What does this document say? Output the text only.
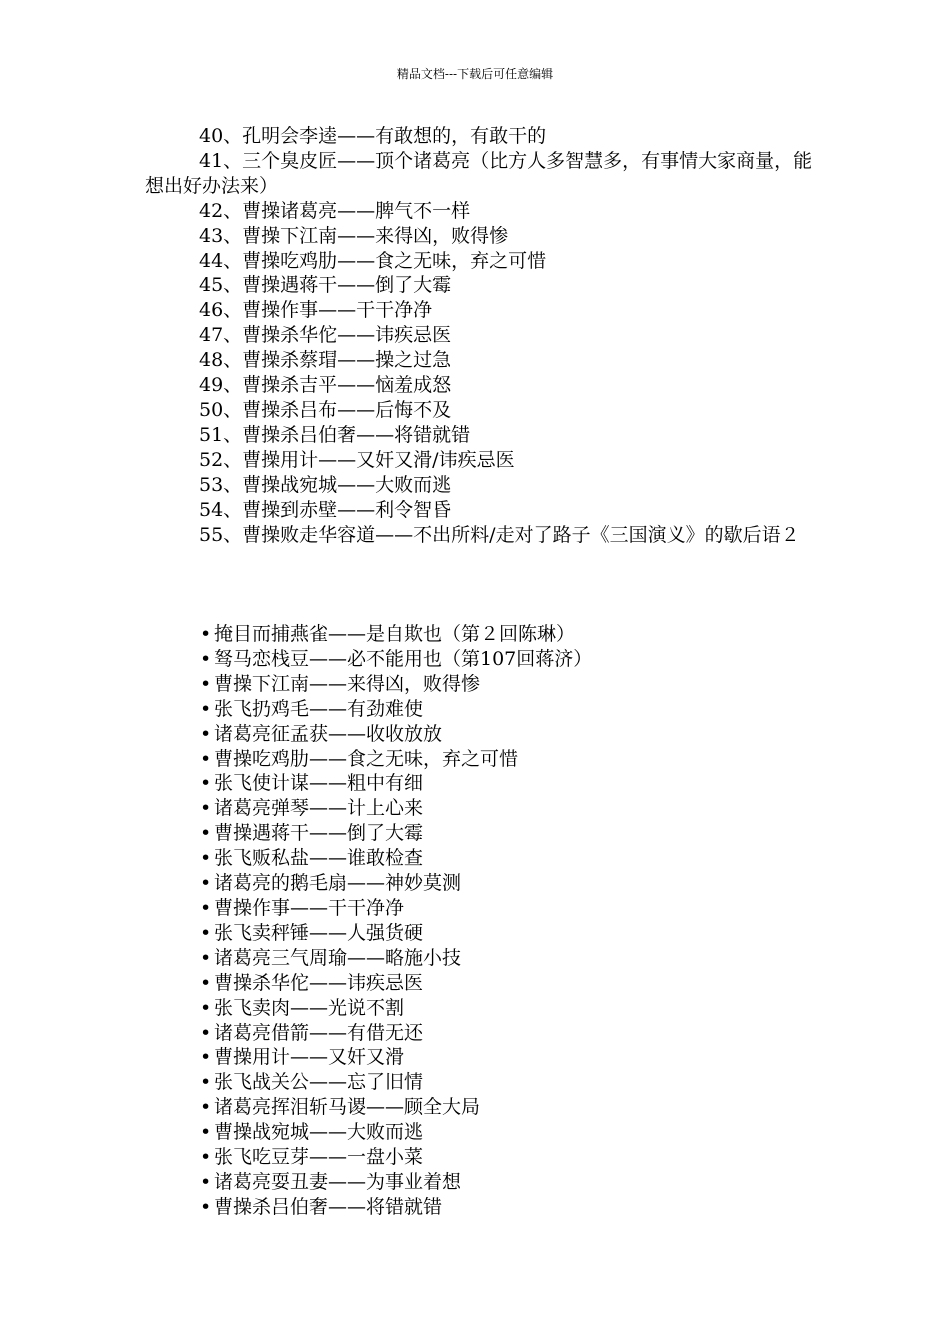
精品文档---下载后可任意编辑

40、孔明会李逵——有敢想的，有敢干的

41、三个臭皮匠——顶个诸葛亮（比方人多智慧多，有事情大家商量，能想出好办法来）

42、曹操诸葛亮——脾气不一样

43、曹操下江南——来得凶，败得惨

44、曹操吃鸡肋——食之无味，弃之可惜

45、曹操遇蒋干——倒了大霉

46、曹操作事——干干净净

47、曹操杀华佗——讳疾忌医

48、曹操杀蔡瑁——操之过急

49、曹操杀吉平——恼羞成怒

50、曹操杀吕布——后悔不及

51、曹操杀吕伯奢——将错就错

52、曹操用计——又奸又滑/讳疾忌医

53、曹操战宛城——大败而逃

54、曹操到赤壁——利令智昏

55、曹操败走华容道——不出所料/走对了路子《三国演义》的歇后语２

• 掩目而捕燕雀——是自欺也（第２回陈琳）

• 驽马恋栈豆——必不能用也（第107回蒋济）

• 曹操下江南——来得凶，败得惨

• 张飞扔鸡毛——有劲难使

• 诸葛亮征孟获——收收放放

• 曹操吃鸡肋——食之无味，弃之可惜

• 张飞使计谋——粗中有细

• 诸葛亮弹琴——计上心来

• 曹操遇蒋干——倒了大霉

• 张飞贩私盐——谁敢检查

• 诸葛亮的鹅毛扇——神妙莫测

• 曹操作事——干干净净

• 张飞卖秤锤——人强货硬

• 诸葛亮三气周瑜——略施小技

• 曹操杀华佗——讳疾忌医

• 张飞卖肉——光说不割

• 诸葛亮借箭——有借无还

• 曹操用计——又奸又滑

• 张飞战关公——忘了旧情

• 诸葛亮挥泪斩马谡——顾全大局

• 曹操战宛城——大败而逃

• 张飞吃豆芽——一盘小菜

• 诸葛亮耍丑妻——为事业着想

• 曹操杀吕伯奢——将错就错
